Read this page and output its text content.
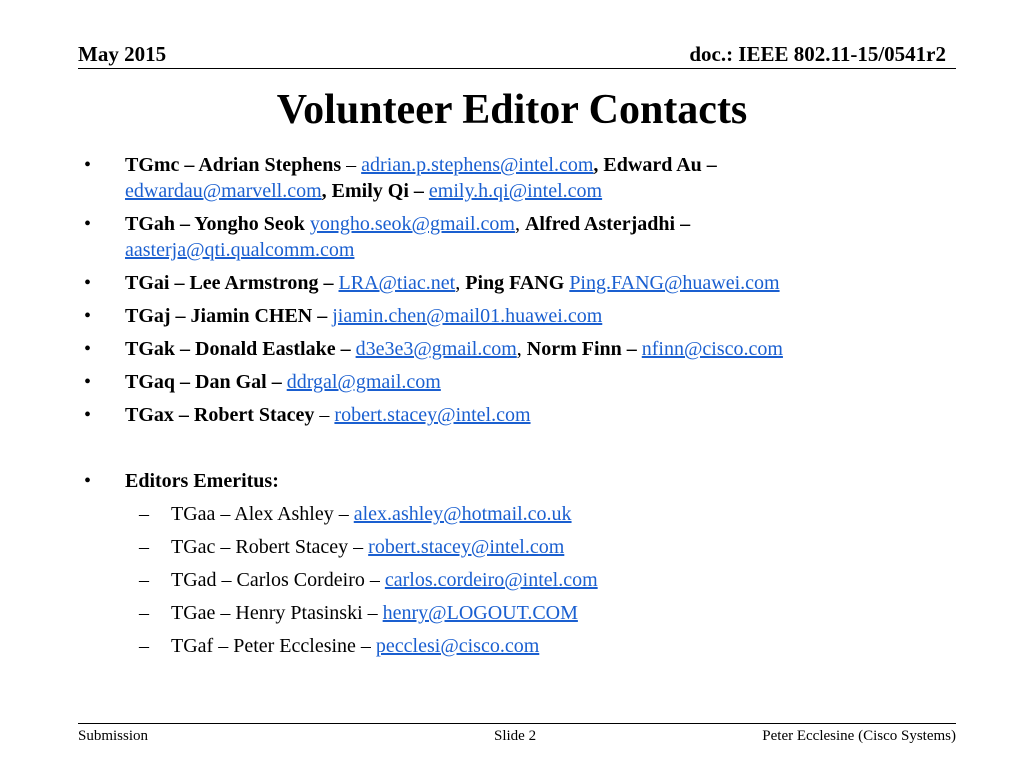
May 2015	doc.: IEEE 802.11-15/0541r2
Volunteer Editor Contacts
• TGmc – Adrian Stephens – adrian.p.stephens@intel.com, Edward Au – edwardau@marvell.com, Emily Qi – emily.h.qi@intel.com
• TGah – Yongho Seok yongho.seok@gmail.com, Alfred Asterjadhi – aasterja@qti.qualcomm.com
• TGai – Lee Armstrong – LRA@tiac.net, Ping FANG Ping.FANG@huawei.com
• TGaj – Jiamin CHEN – jiamin.chen@mail01.huawei.com
• TGak – Donald Eastlake – d3e3e3@gmail.com, Norm Finn – nfinn@cisco.com
• TGaq – Dan Gal – ddrgal@gmail.com
• TGax – Robert Stacey – robert.stacey@intel.com
• Editors Emeritus:
– TGaa – Alex Ashley – alex.ashley@hotmail.co.uk
– TGac – Robert Stacey – robert.stacey@intel.com
– TGad – Carlos Cordeiro – carlos.cordeiro@intel.com
– TGae – Henry Ptasinski – henry@LOGOUT.COM
– TGaf – Peter Ecclesine – pecclesi@cisco.com
Submission	Slide 2	Peter Ecclesine (Cisco Systems)
